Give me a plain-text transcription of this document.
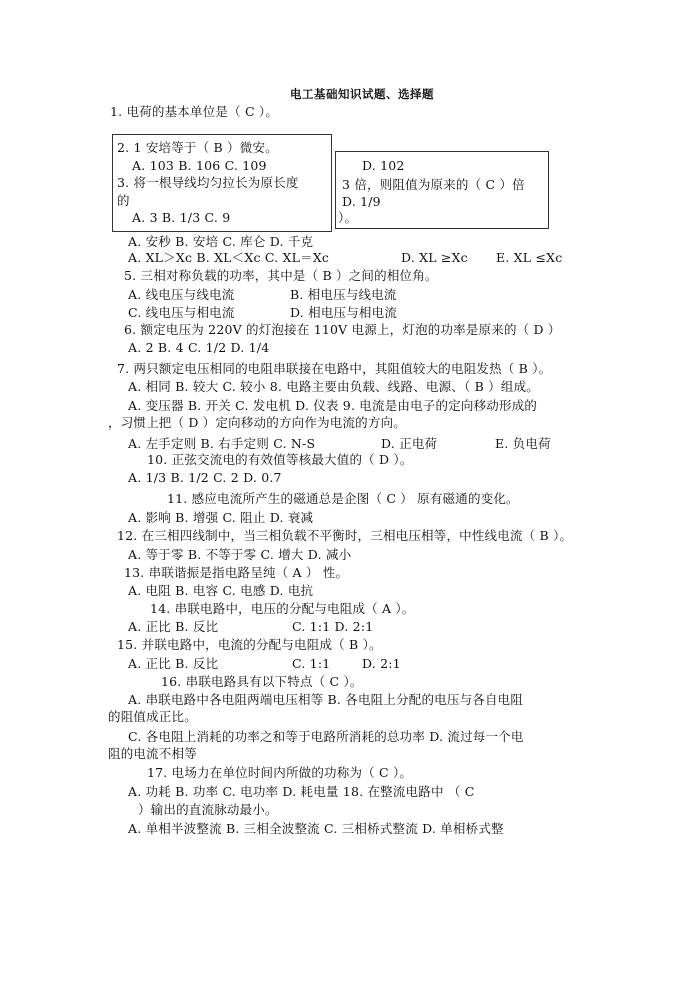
电工基础知识试题、选择题
1. 电荷的基本单位是（ C ）。
2. 1 安培等于（ B ）微安。
A. 103 B. 106 C. 109	D. 102
3. 将一根导线均匀拉长为原长度	3 倍，则阻值为原来的（ C ）倍
的	D. 1/9
A. 3 B. 1/3 C. 9	）。
A. 安秒 B. 安培 C. 库仑 D. 千克
A. XL＞Xc B. XL＜Xc C. XL＝Xc	D. XL ≥Xc E. XL ≤Xc
5. 三相对称负载的功率，其中是（ B ）之间的相位角。
A. 线电压与线电流	B. 相电压与线电流
C. 线电压与相电流	D. 相电压与相电流
6. 额定电压为 220V 的灯泡接在 110V 电源上，灯泡的功率是原来的（ D ）
A. 2 B. 4 C. 1/2 D. 1/4
7. 两只额定电压相同的电阻串联接在电路中，其阻值较大的电阻发热（ B ）。
A. 相同 B. 较大 C. 较小 8. 电路主要由负载、线路、电源、（ B ）组成。
A. 变压器 B. 开关 C. 发电机 D. 仪表 9. 电流是由电子的定向移动形成的
，习惯上把（ D ）定向移动的方向作为电流的方向。
A. 左手定则 B. 右手定则 C. N-S	D. 正电荷	E. 负电荷
10. 正弦交流电的有效值等核最大值的（ D ）。
A. 1/3 B. 1/2 C. 2 D. 0.7
11. 感应电流所产生的磁通总是企图（ C ） 原有磁通的变化。
A. 影响 B. 增强 C. 阻止 D. 衰减
12. 在三相四线制中，当三相负载不平衡时，三相电压相等，中性线电流（ B ）。
A. 等于零 B. 不等于零 C. 增大 D. 减小
13. 串联谐振是指电路呈纯（ A ） 性。
A. 电阻 B. 电容 C. 电感 D. 电抗
14. 串联电路中，电压的分配与电阻成（ A ）。
A. 正比 B. 反比	C. 1:1 D. 2:1
15. 并联电路中，电流的分配与电阻成（ B ）。
A. 正比 B. 反比	C. 1:1	D. 2:1
16. 串联电路具有以下特点（ C ）。
A. 串联电路中各电阻两端电压相等 B. 各电阻上分配的电压与各自电阻
的阻值成正比。
C. 各电阻上消耗的功率之和等于电路所消耗的总功率 D. 流过每一个电
阻的电流不相等
17. 电场力在单位时间内所做的功称为（ C ）。
A. 功耗 B. 功率 C. 电功率 D. 耗电量 18. 在整流电路中 （ C
）输出的直流脉动最小。
A. 单相半波整流 B. 三相全波整流 C. 三相桥式整流 D. 单相桥式整
